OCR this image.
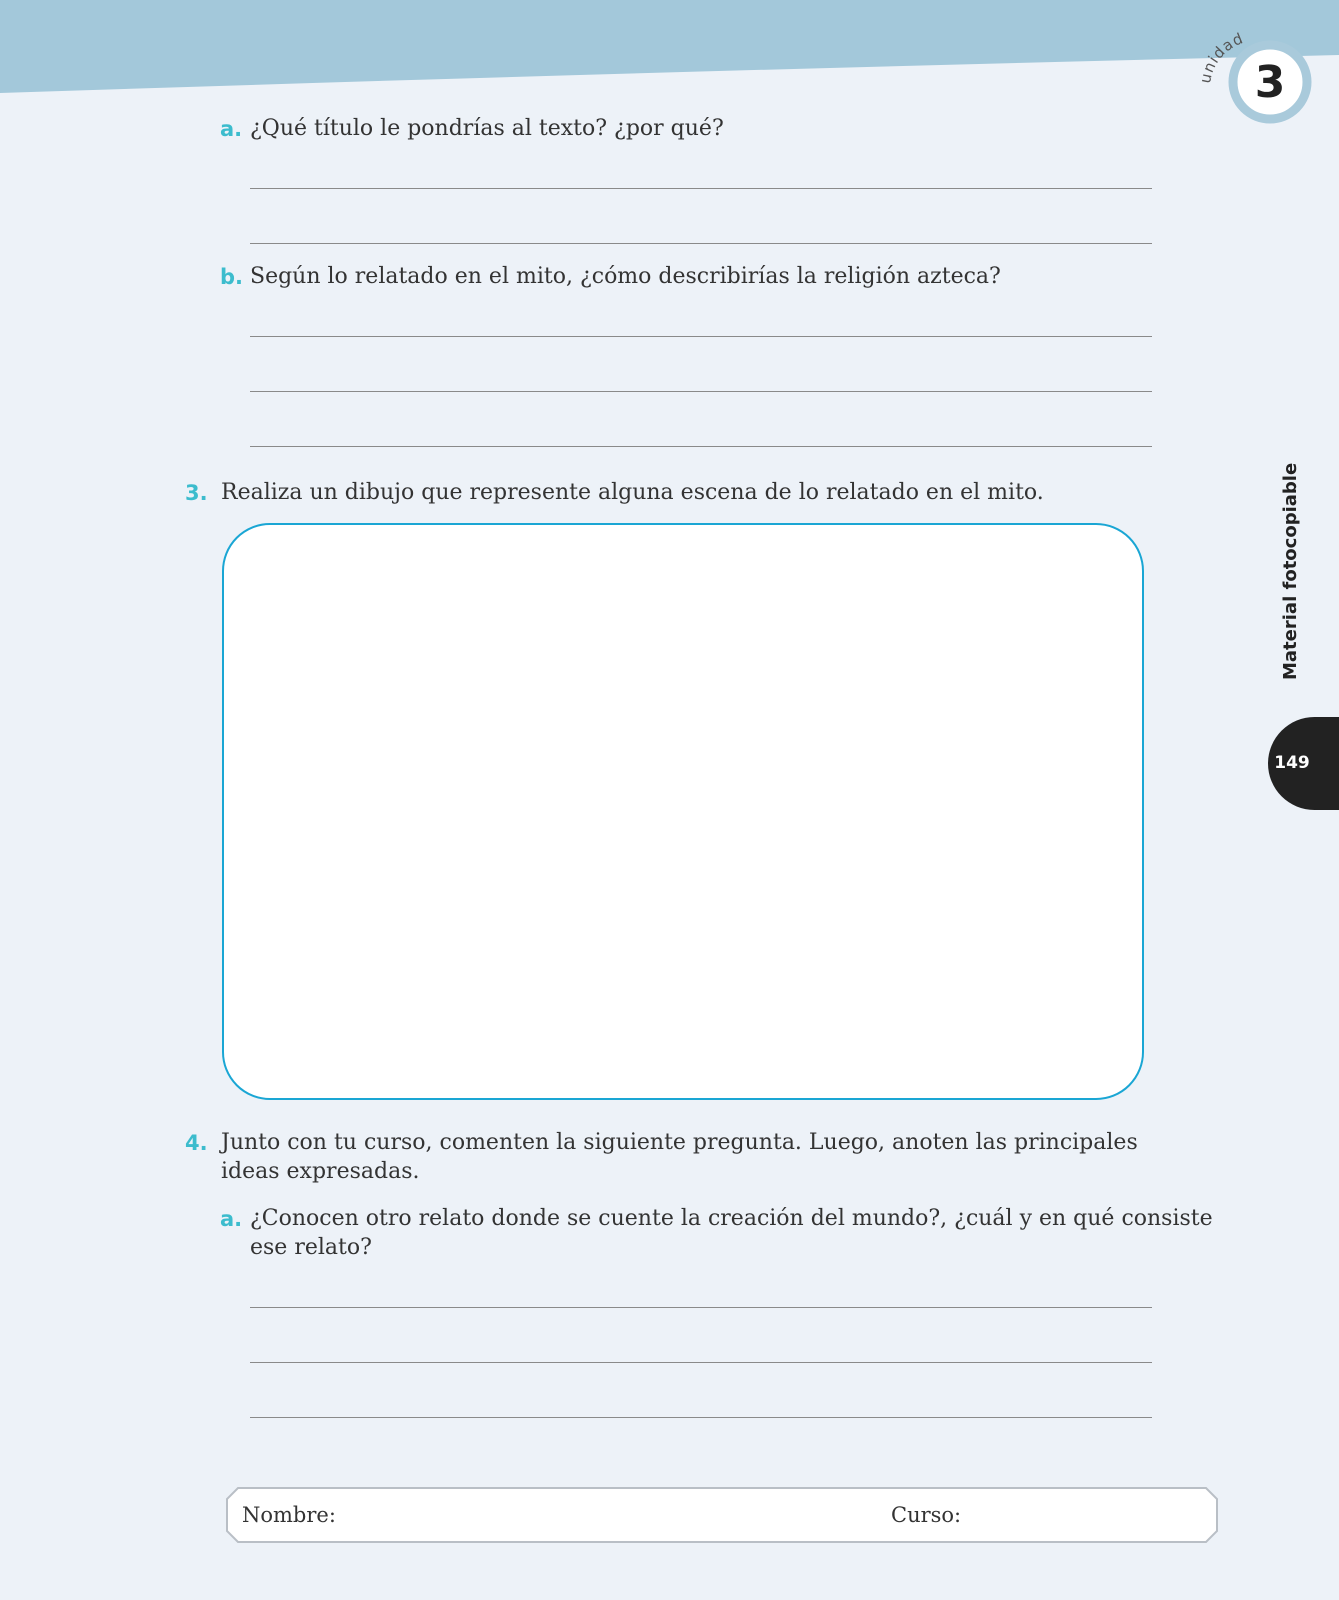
unidad
3
a. ¿Qué título le pondrías al texto? ¿por qué?
b. Según lo relatado en el mito, ¿cómo describirías la religión azteca?
3. Realiza un dibujo que represente alguna escena de lo relatado en el mito.
4. Junto con tu curso, comenten la siguiente pregunta. Luego, anoten las principales
ideas expresadas.
a. ¿Conocen otro relato donde se cuente la creación del mundo?, ¿cuál y en qué consiste
ese relato?
Material fotocopiable
149
Nombre:	Curso:
